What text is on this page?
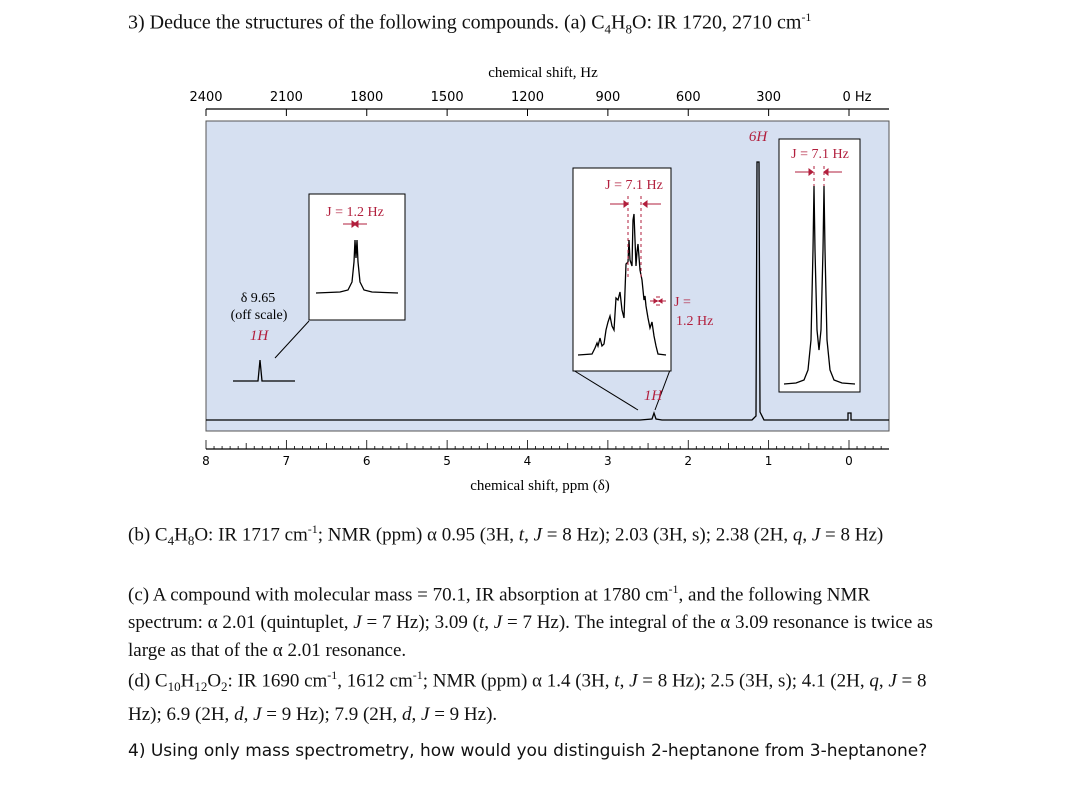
3) Deduce the structures of the following compounds. (a) $C_4H_8O$: IR 1720, 2710 $cm^{-1}$
chemical shift, Hz
2400	2100	1800	1500	1200	900	600	300	0 Hz
chemical shift, ppm (δ)
8	7	6	5	4	3	2	1	0
δ 9.65
(off scale)
1H
J = 1.2 Hz
J = 7.1 Hz
J =
1.2 Hz
1H
J = 7.1 Hz
6H
(b) $C_4H_8O$: IR 1717 $cm^{-1}$; NMR (ppm) α 0.95 (3H, t, J = 8 Hz); 2.03 (3H, s); 2.38 (2H, q, J = 8 Hz)
(c) A compound with molecular mass = 70.1, IR absorption at 1780 $cm^{-1}$, and the following NMR spectrum: α 2.01 (quintuplet, J = 7 Hz); 3.09 (t, J = 7 Hz). The integral of the α 3.09 resonance is twice as large as that of the α 2.01 resonance.
(d) $C_{10}H_{12}O_2$: IR 1690 $cm^{-1}$, 1612 $cm^{-1}$; NMR (ppm) α 1.4 (3H, t, J = 8 Hz); 2.5 (3H, s); 4.1 (2H, q, J = 8 Hz); 6.9 (2H, d, J = 9 Hz); 7.9 (2H, d, J = 9 Hz).
4) Using only mass spectrometry, how would you distinguish 2-heptanone from 3-heptanone?
